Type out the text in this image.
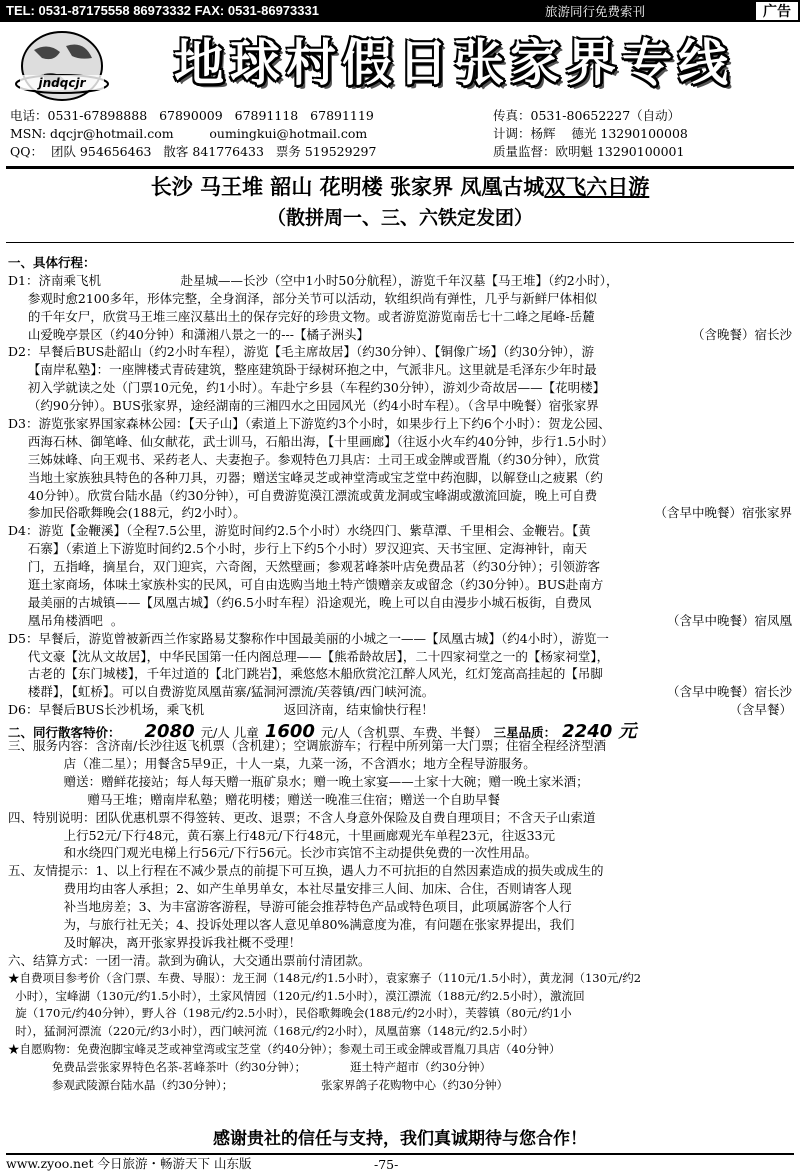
TEL: 0531-87175558 86973332 FAX: 0531-86973331	旅游同行免费索刊	广告
jndqcjr	地球村假日张家界专线
电话：0531-67898888   67890009   67891118   67891119
MSN: dqcjr@hotmail.com         oumingkui@hotmail.com
QQ：  团队 954656463   散客 841776433   票务 519529297
传真：0531-80652227（自动）
计调：杨辉    德光 13290100008
质量监督：欧明魁 13290100001
长沙 马王堆 韶山 花明楼 张家界 凤凰古城双飞六日游
（散拼周一、三、六铁定发团）
一、具体行程：
D1：济南乘飞机                    赴星城——长沙（空中1小时50分航程），游览千年汉墓【马王堆】（约2小时），
参观时愈2100多年，形体完整，全身润泽，部分关节可以活动，软组织尚有弹性，几乎与新鲜尸体相似
的千年女尸，欣赏马王堆三座汉墓出土的保存完好的珍贵文物。或者游览游览南岳七十二峰之尾峰-岳麓
山爱晚亭景区（约40分钟）和潇湘八景之一的---【橘子洲头】	（含晚餐）宿长沙
D2：早餐后BUS赴韶山（约2小时车程），游览【毛主席故居】（约30分钟）、【铜像广场】（约30分钟），游
【南岸私塾】：一座牌楼式青砖建筑，整座建筑卧于绿树环抱之中，气派非凡。这里就是毛泽东少年时最
初入学就读之处（门票10元免，约1小时）。车赴宁乡县（车程约30分钟），游刘少奇故居——【花明楼】
（约90分钟）。BUS张家界，途经湖南的三湘四水之田园风光（约4小时车程）。（含早中晚餐）宿张家界
D3：游览张家界国家森林公园：【天子山】（索道上下游览约3个小时，如果步行上下约6个小时）：贺龙公园、
西海石林、御笔峰、仙女献花，武士训马，石船出海，【十里画廊】（往返小火车约40分钟，步行1.5小时）
三姊妹峰、向王观书、采药老人、夫妻抱子。参观特色刀具店：土司王或金牌或晋胤（约30分钟），欣赏
当地土家族独具特色的各种刀具，刃器；赠送宝峰灵芝或神堂湾或宝芝堂中药泡脚，以解登山之疲累（约
40分钟）。欣赏台陆水晶（约30分钟），可自费游览漠江漂流或黄龙洞或宝峰湖或激流回旋，晚上可自费
参加民俗歌舞晚会(188元，约2小时）。	（含早中晚餐）宿张家界
D4：游览【金鞭溪】（全程7.5公里，游览时间约2.5个小时）水绕四门、紫草潭、千里相会、金鞭岩。【黄
石寨】（索道上下游览时间约2.5个小时，步行上下约5个小时）罗汉迎宾、天书宝匣、定海神针，南天
门，五指峰，摘星台，双门迎宾，六奇阁，天然壁画；参观茗峰茶叶店免费品茗（约30分钟）；引领游客
逛土家商场，体味土家族朴实的民风，可自由选购当地土特产馈赠亲友或留念（约30分钟）。BUS赴南方
最美丽的古城镇——【凤凰古城】（约6.5小时车程）沿途观光，晚上可以自由漫步小城石板街，自费凤
凰吊角楼酒吧  。	（含早中晚餐）宿凤凰
D5：早餐后，游览曾被新西兰作家路易艾黎称作中国最美丽的小城之一——【凤凰古城】（约4小时），游览一
代文豪【沈从文故居】，中华民国第一任内阁总理——【熊希龄故居】，二十四家祠堂之一的【杨家祠堂】，
古老的【东门城楼】，千年过道的【北门跳岩】，乘悠悠木船欣赏沱江醉人风光，红灯笼高高挂起的【吊脚
楼群】，【虹桥】。可以自费游览凤凰苗寨/猛洞河漂流/芙蓉镇/西门峡河流。	（含早中晚餐）宿长沙
D6：早餐后BUS长沙机场，乘飞机                    返回济南，结束愉快行程！	（含早餐）
二、同行散客特价： 2080 元/人 儿童 1600 元/人（含机票、车费、半餐） 三星品质： 2240 元
三、服务内容：含济南/长沙往返飞机票（含机建）；空调旅游车；行程中所列第一大门票；住宿全程经济型酒
店（准二星）；用餐含5早9正，十人一桌，九菜一汤，不含酒水；地方全程导游服务。
赠送：赠鲜花接站；每人每天赠一瓶矿泉水；赠一晚土家宴——土家十大碗；赠一晚土家米酒；
赠马王堆；赠南岸私塾；赠花明楼；赠送一晚准三住宿；赠送一个自助早餐
四、特别说明：团队优惠机票不得签转、更改、退票；不含人身意外保险及自费自理项目；不含天子山索道
上行52元/下行48元，黄石寨上行48元/下行48元，十里画廊观光车单程23元，往返33元
和水绕四门观光电梯上行56元/下行56元。长沙市宾馆不主动提供免费的一次性用品。
五、友情提示：1、以上行程在不减少景点的前提下可互换，遇人力不可抗拒的自然因素造成的损失或成生的
费用均由客人承担；2、如产生单男单女，本社尽量安排三人间、加床、合住，否则请客人现
补当地房差；3、为丰富游客游程，导游可能会推荐特色产品或特色项目，此项属游客个人行
为，与旅行社无关；4、投诉处理以客人意见单80%满意度为准，有问题在张家界提出，我们
及时解决，离开张家界投诉我社概不受理！
六、结算方式：一团一清。款到为确认，大交通出票前付清团款。
★自费项目参考价（含门票、车费、导服）：龙王洞（148元/约1.5小时），袁家寨子（110元/1.5小时），黄龙洞（130元/约2
小时），宝峰湖（130元/约1.5小时），土家风情园（120元/约1.5小时），漠江漂流（188元/约2.5小时），激流回
旋（170元/约40分钟），野人谷（198元/约2.5小时），民俗歌舞晚会(188元/约2小时），芙蓉镇（80元/约1小
时），猛洞河漂流（220元/约3小时），西门峡河流（168元/约2小时），凤凰苗寨（148元/约2.5小时）
★自愿购物：免费泡脚宝峰灵芝或神堂湾或宝芝堂（约40分钟）；参观土司王或金牌或晋胤刀具店（40分钟）
免费品尝张家界特色名茶-茗峰茶叶（约30分钟）；            逛土特产超市（约30分钟）
参观武陵源台陆水晶（约30分钟）；                        张家界鸽子花购物中心（约30分钟）
感谢贵社的信任与支持，我们真诚期待与您合作！
www.zyoo.net 今日旅游・畅游天下 山东版	-75-
